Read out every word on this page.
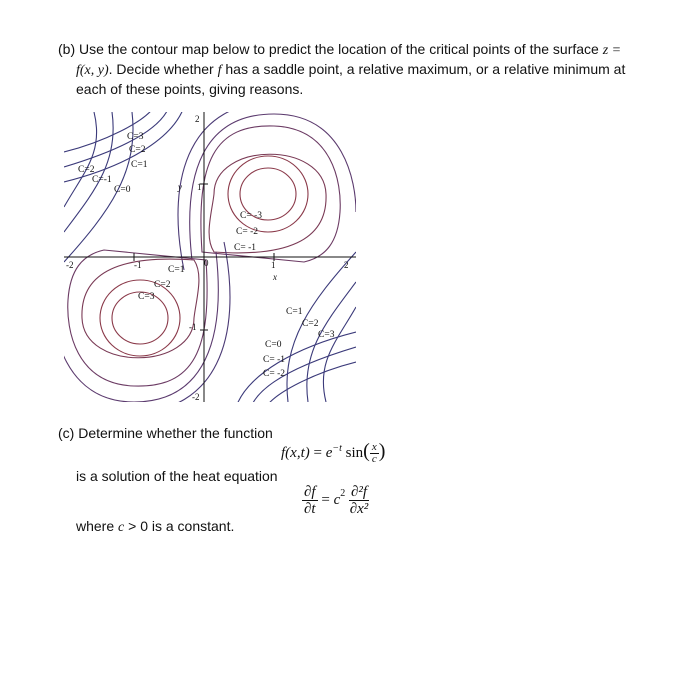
(b) Use the contour map below to predict the location of the critical points of the surface z =
f(x, y). Decide whether f has a saddle point, a relative maximum, or a relative minimum at
each of these points, giving reasons.
2
y 1
-1
-2
-2	-1	0	1
x
2
C=3
C=2
C=1
C=2
C=-1
C=0
C= -3
C= -2
C= -1
C=1
C=2
C=3
C=1
C=2
C=3
C=0
C= -1
C= -2
(c) Determine whether the function
$f(x,t) = e^{-t}$ $\sin( \frac{x}{c}$ )
is a solution of the heat equation
$\frac{\partial f}{\partial t} = c^2 \frac{\text{∂²f}}{\text{∂x²}}$
where c > 0 is a constant.
